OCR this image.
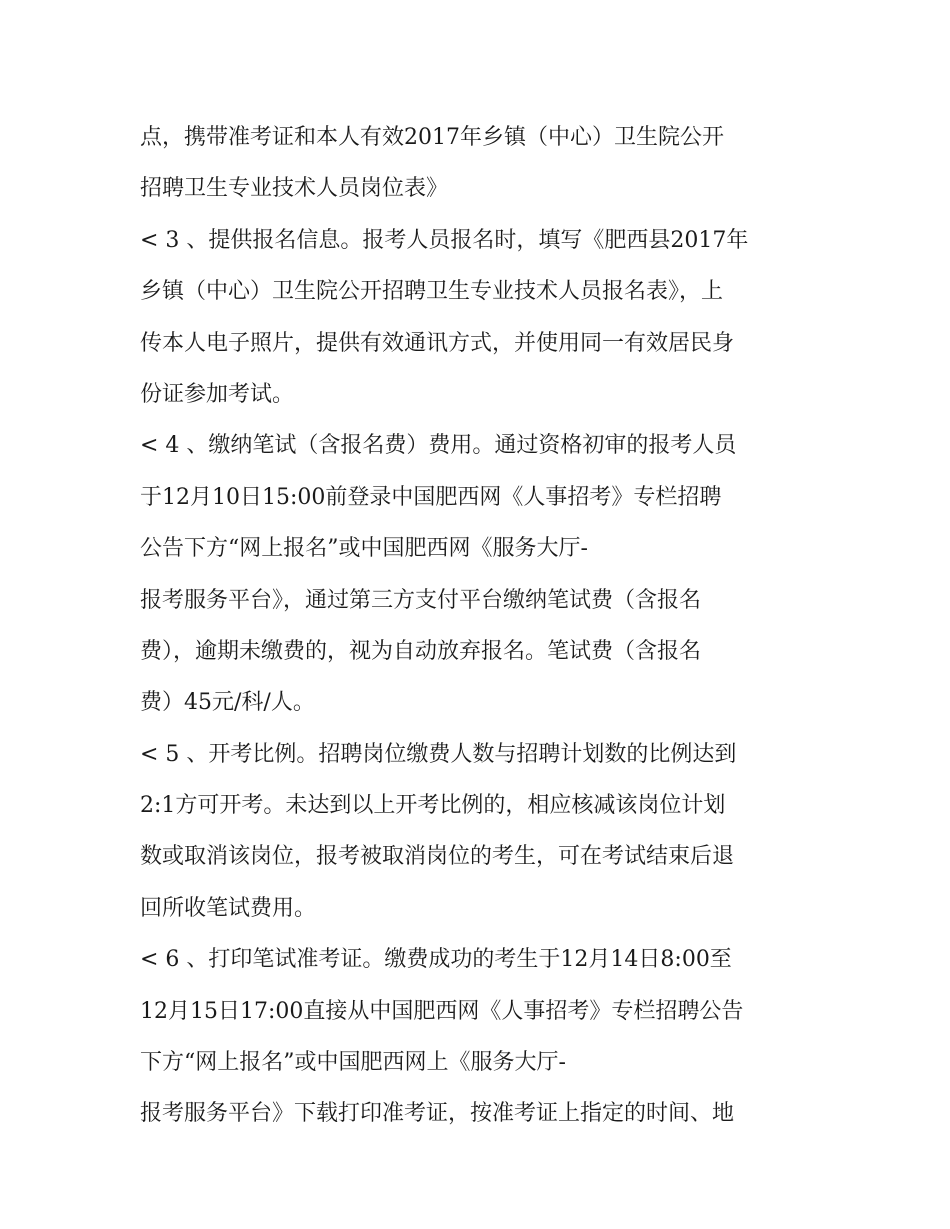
点，携带准考证和本人有效2017年乡镇（中心）卫生院公开
招聘卫生专业技术人员岗位表》
< 3 、提供报名信息。报考人员报名时，填写《肥西县2017年
乡镇（中心）卫生院公开招聘卫生专业技术人员报名表》，上
传本人电子照片，提供有效通讯方式，并使用同一有效居民身
份证参加考试。
< 4 、缴纳笔试（含报名费）费用。通过资格初审的报考人员
于12月10日15:00前登录中国肥西网《人事招考》专栏招聘
公告下方“网上报名”或中国肥西网《服务大厅-
报考服务平台》，通过第三方支付平台缴纳笔试费（含报名
费），逾期未缴费的，视为自动放弃报名。笔试费（含报名
费）45元/科/人。
< 5 、开考比例。招聘岗位缴费人数与招聘计划数的比例达到
2:1方可开考。未达到以上开考比例的，相应核减该岗位计划
数或取消该岗位，报考被取消岗位的考生，可在考试结束后退
回所收笔试费用。
< 6 、打印笔试准考证。缴费成功的考生于12月14日8:00至
12月15日17:00直接从中国肥西网《人事招考》专栏招聘公告
下方“网上报名”或中国肥西网上《服务大厅-
报考服务平台》下载打印准考证，按准考证上指定的时间、地
